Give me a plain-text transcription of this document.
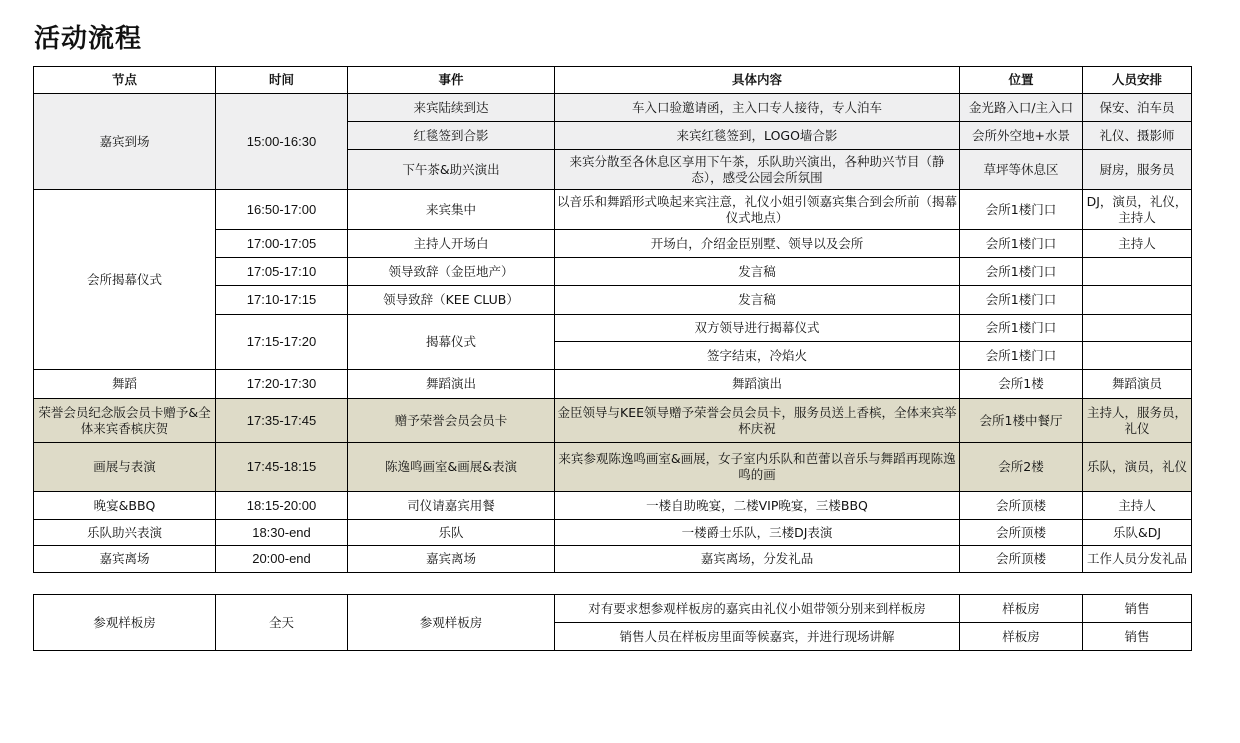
活动流程
节点	时间	事件	具体内容	位置	人员安排
嘉宾到场	15:00-16:30	来宾陆续到达	车入口验邀请函，主入口专人接待，专人泊车	金光路入口/主入口	保安、泊车员
		红毯签到合影	来宾红毯签到，LOGO墙合影	会所外空地+水景	礼仪、摄影师
		下午茶&助兴演出	来宾分散至各休息区享用下午茶，乐队助兴演出，各种助兴节目（静态），感受公园会所氛围	草坪等休息区	厨房，服务员
会所揭幕仪式	16:50-17:00	来宾集中	以音乐和舞蹈形式唤起来宾注意，礼仪小姐引领嘉宾集合到会所前（揭幕仪式地点）	会所1楼门口	DJ，演员，礼仪，主持人
	17:00-17:05	主持人开场白	开场白，介绍金臣别墅、领导以及会所	会所1楼门口	主持人
	17:05-17:10	领导致辞（金臣地产）	发言稿	会所1楼门口	
	17:10-17:15	领导致辞（KEE CLUB）	发言稿	会所1楼门口	
	17:15-17:20	揭幕仪式	双方领导进行揭幕仪式	会所1楼门口	
			签字结束，冷焰火	会所1楼门口	
舞蹈	17:20-17:30	舞蹈演出	舞蹈演出	会所1楼	舞蹈演员
荣誉会员纪念版会员卡赠予&全体来宾香槟庆贺	17:35-17:45	赠予荣誉会员会员卡	金臣领导与KEE领导赠予荣誉会员会员卡，服务员送上香槟，全体来宾举杯庆祝	会所1楼中餐厅	主持人，服务员，礼仪
画展与表演	17:45-18:15	陈逸鸣画室&画展&表演	来宾参观陈逸鸣画室&画展，女子室内乐队和芭蕾以音乐与舞蹈再现陈逸鸣的画	会所2楼	乐队，演员，礼仪
晚宴&BBQ	18:15-20:00	司仪请嘉宾用餐	一楼自助晚宴，二楼VIP晚宴，三楼BBQ	会所顶楼	主持人
乐队助兴表演	18:30-end	乐队	一楼爵士乐队，三楼DJ表演	会所顶楼	乐队&DJ
嘉宾离场	20:00-end	嘉宾离场	嘉宾离场，分发礼品	会所顶楼	工作人员分发礼品
参观样板房	全天	参观样板房	对有要求想参观样板房的嘉宾由礼仪小姐带领分别来到样板房	样板房	销售
			销售人员在样板房里面等候嘉宾，并进行现场讲解	样板房	销售
